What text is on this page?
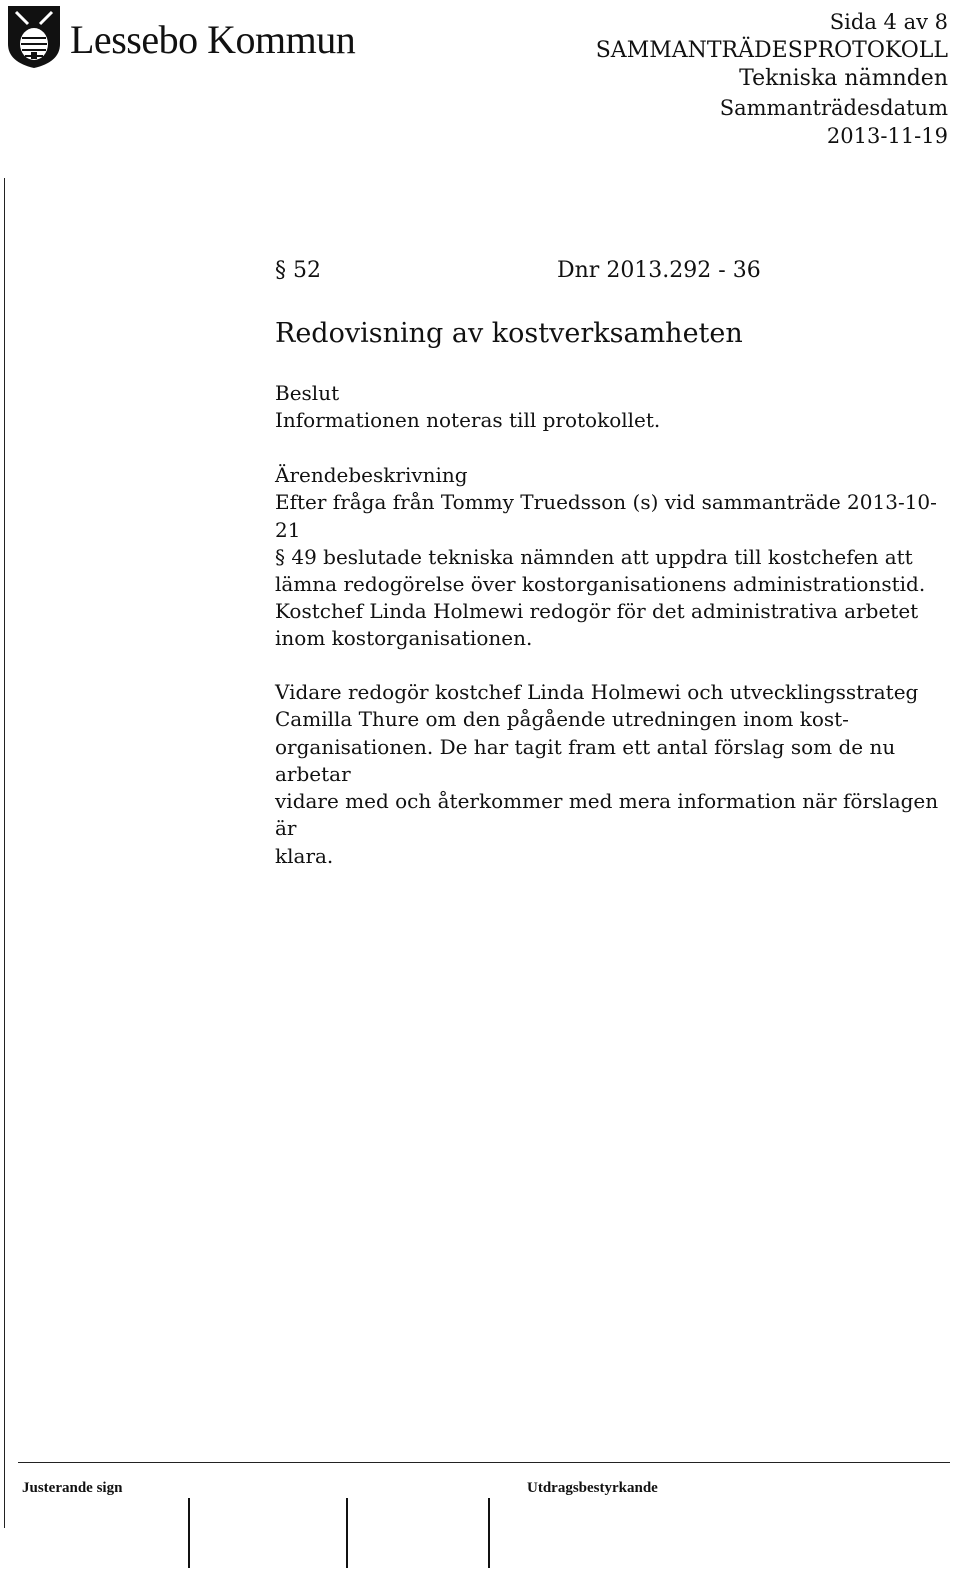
Lessebo Kommun	Sida 4 av 8
SAMMANTRÄDESPROTOKOLL
Tekniska nämnden
Sammanträdesdatum
2013-11-19
§ 52	Dnr 2013.292 - 36
Redovisning av kostverksamheten

Beslut

Informationen noteras till protokollet.

Ärendebeskrivning

Efter fråga från Tommy Truedsson (s) vid sammanträde 2013-10-21

§ 49 beslutade tekniska nämnden att uppdra till kostchefen att

lämna redogörelse över kostorganisationens administrationstid.

Kostchef Linda Holmewi redogör för det administrativa arbetet

inom kostorganisationen.

Vidare redogör kostchef Linda Holmewi och utvecklingsstrateg

Camilla Thure om den pågående utredningen inom kost-

organisationen. De har tagit fram ett antal förslag som de nu arbetar

vidare med och återkommer med mera information när förslagen är

klara.

Justerande sign	Utdragsbestyrkande
